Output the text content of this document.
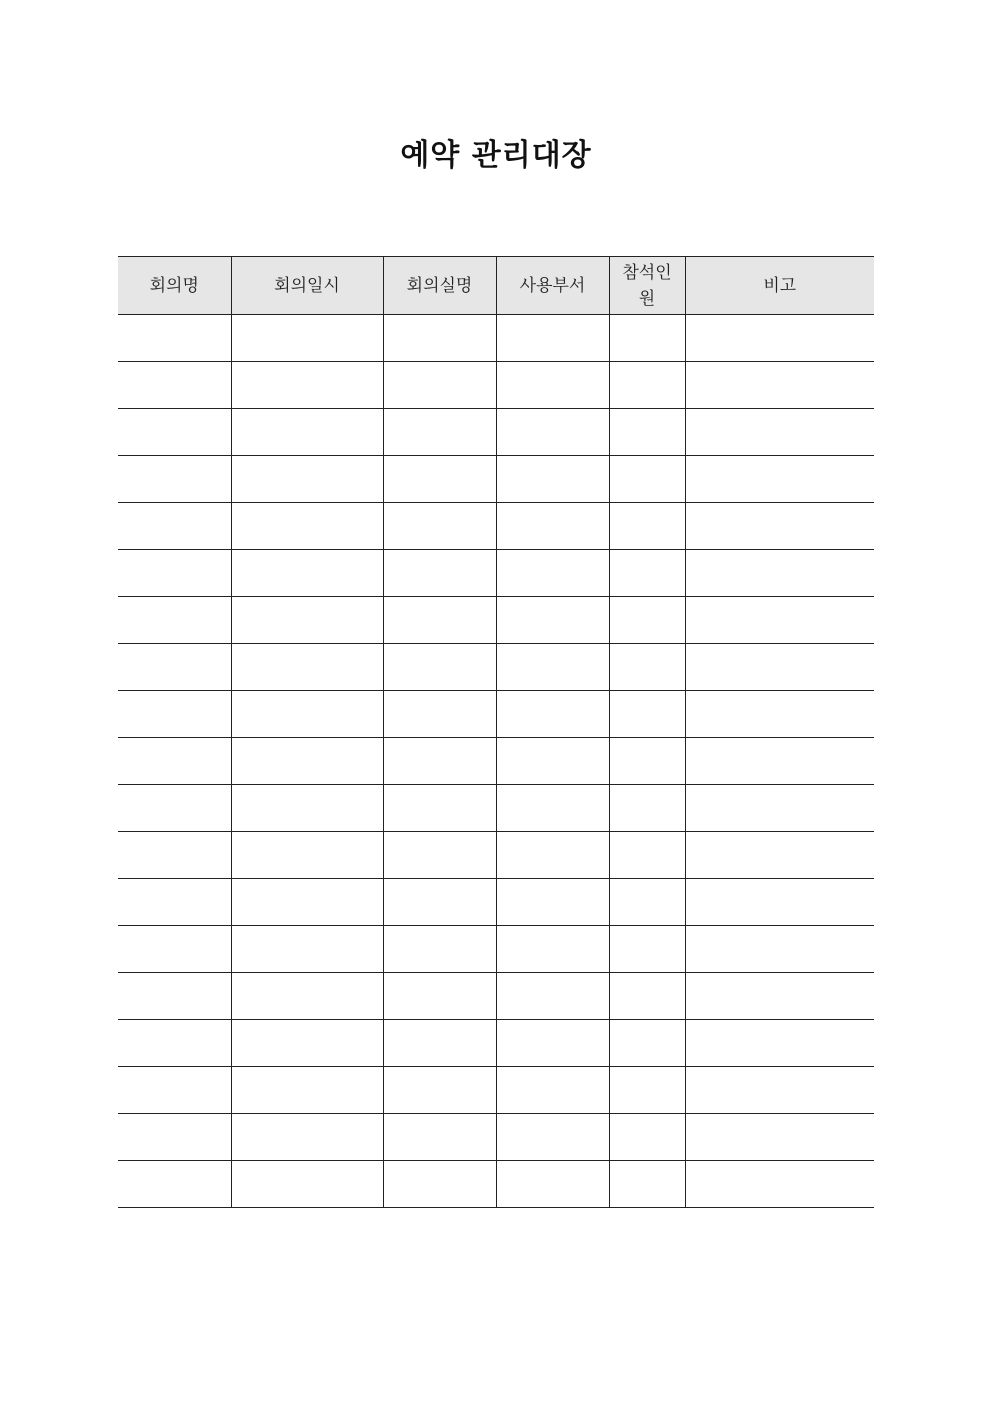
예약 관리대장
회의명	회의일시	회의실명	사용부서	참석인원	비고
